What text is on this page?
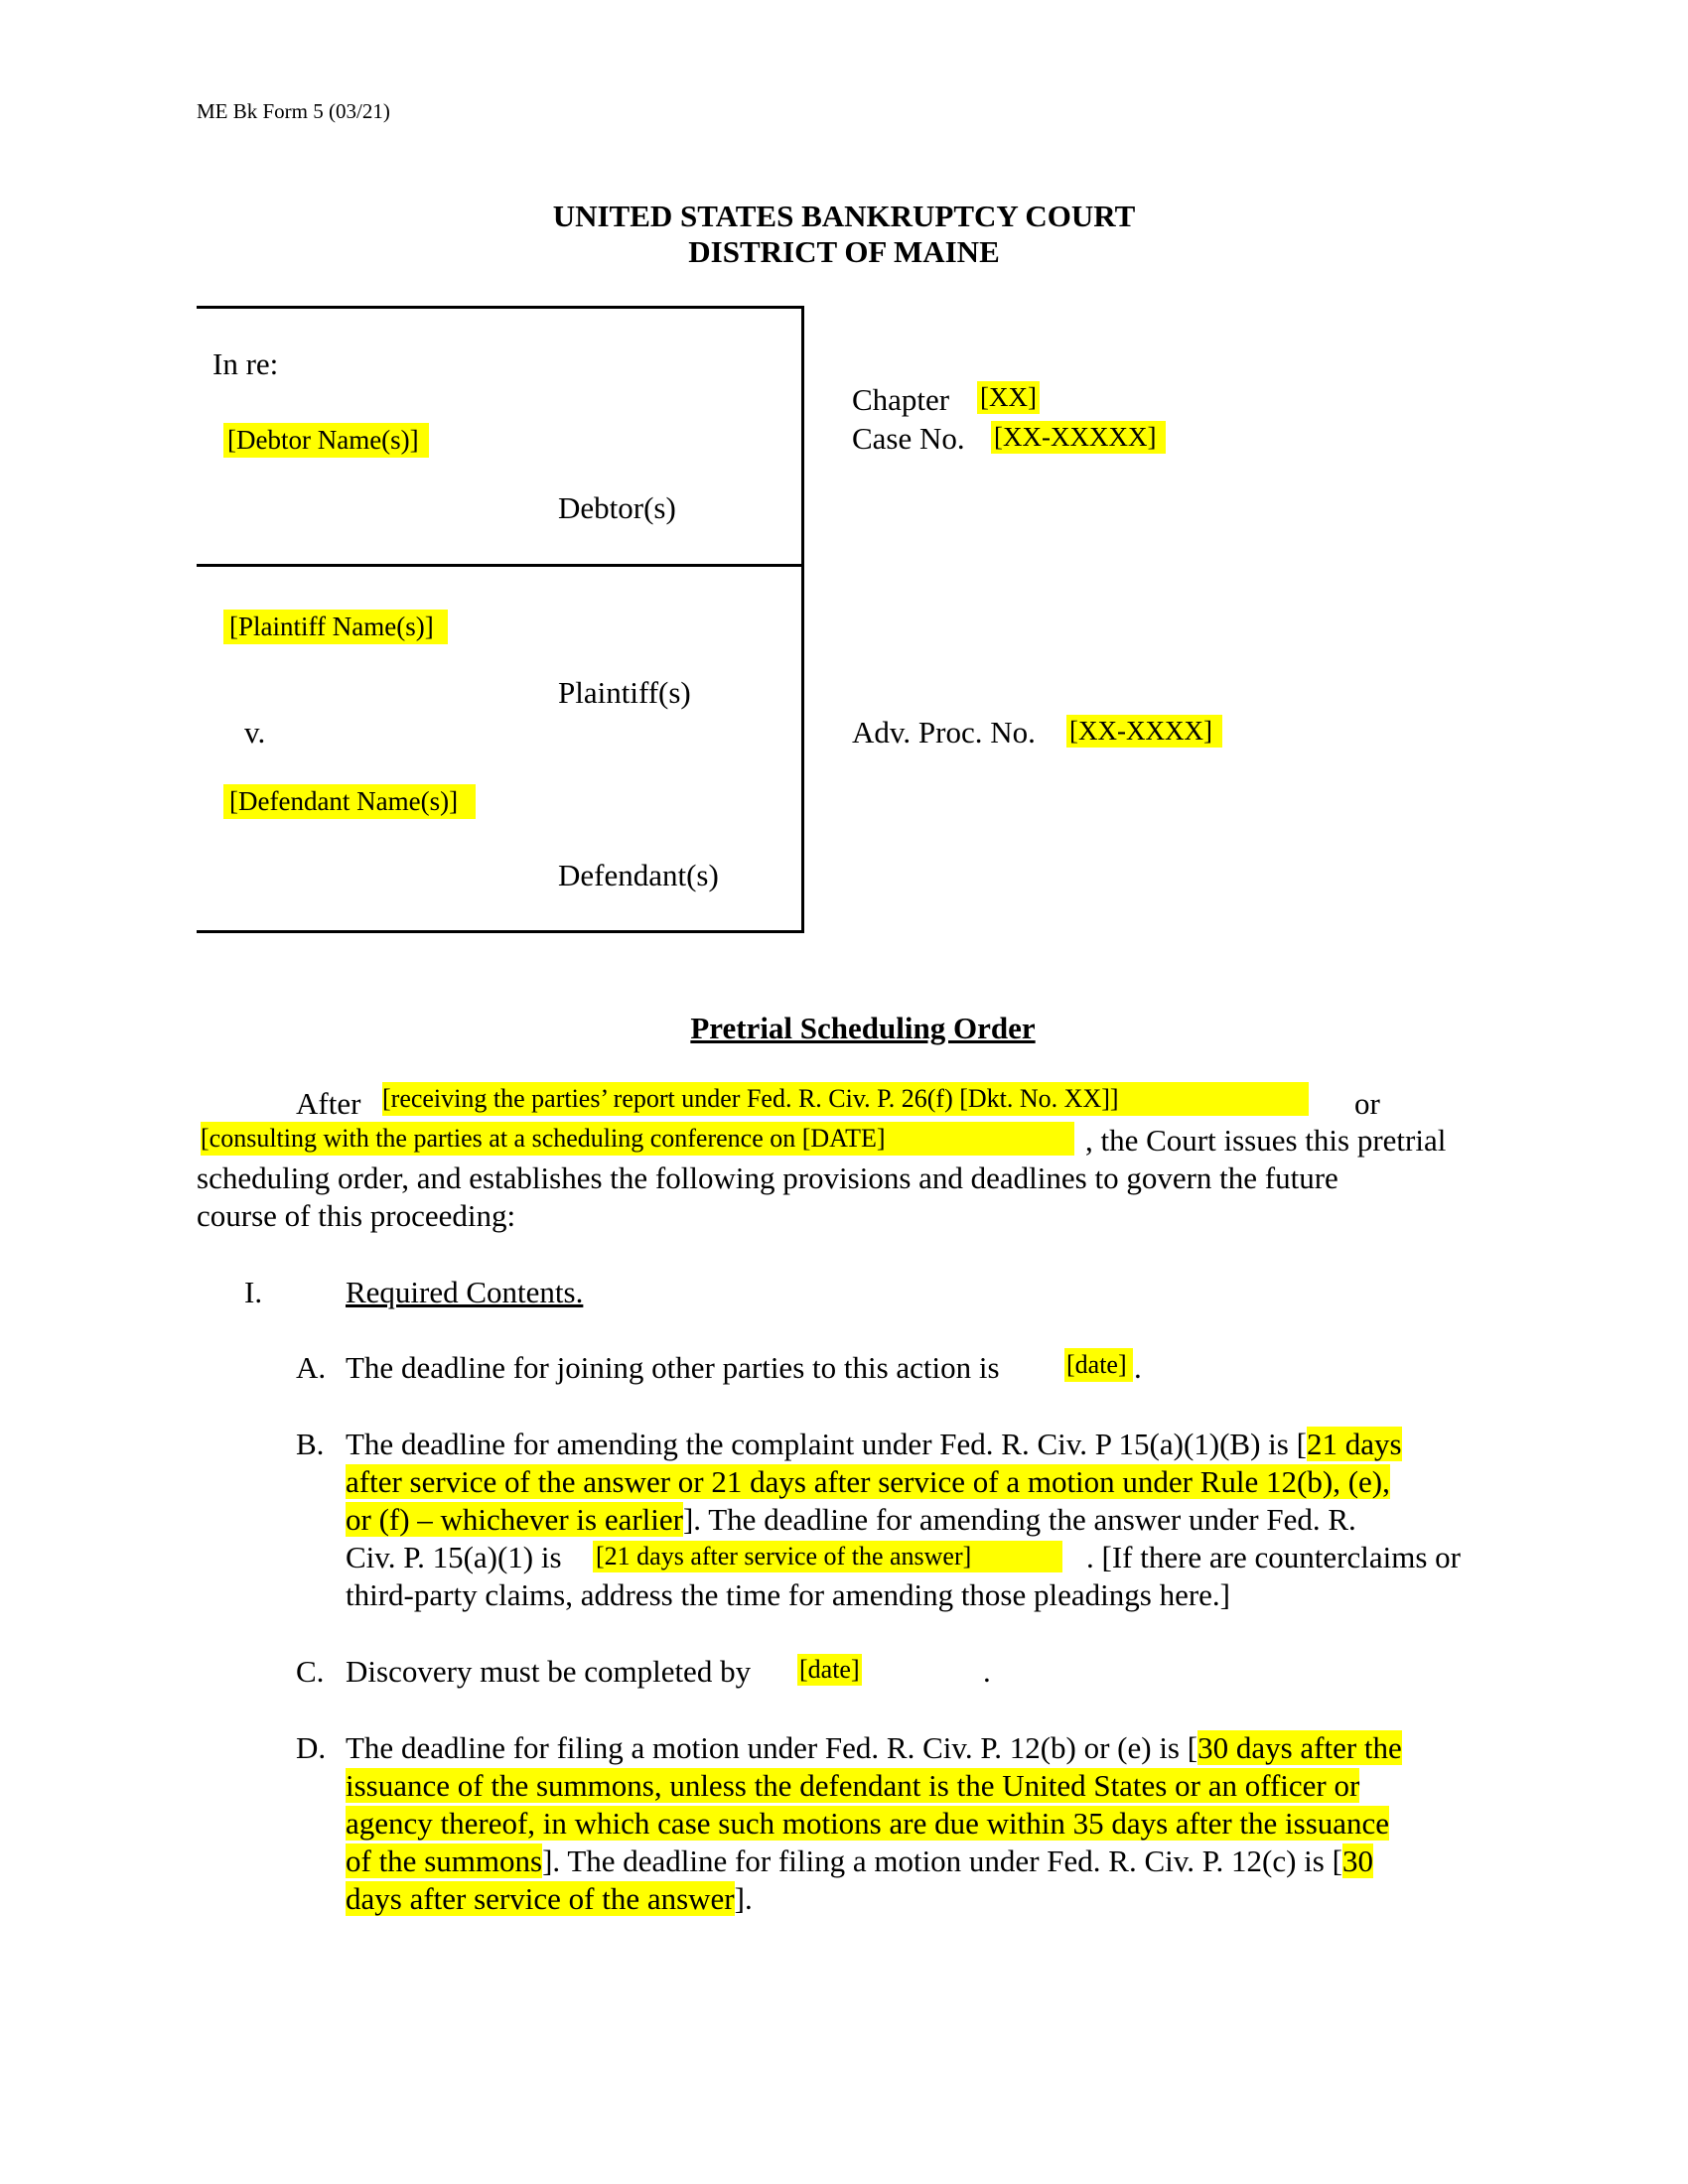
ME Bk Form 5 (03/21)
UNITED STATES BANKRUPTCY COURT
DISTRICT OF MAINE
In re:
[Debtor Name(s)]
Debtor(s)
[Plaintiff Name(s)]
Plaintiff(s)
v.
[Defendant Name(s)]
Defendant(s)
Chapter [XX]
Case No. [XX-XXXXX]
Adv. Proc. No. [XX-XXXX]
Pretrial Scheduling Order
After [receiving the parties’ report under Fed. R. Civ. P. 26(f) [Dkt. No. XX]]	or
[consulting with the parties at a scheduling conference on [DATE]	, the Court issues this pretrial
scheduling order, and establishes the following provisions and deadlines to govern the future
course of this proceeding:
I.	Required Contents.
A. The deadline for joining other parties to this action is	[date] .
B. The deadline for amending the complaint under Fed. R. Civ. P 15(a)(1)(B) is [21 days
after service of the answer or 21 days after service of a motion under Rule 12(b), (e),
or (f) – whichever is earlier]. The deadline for amending the answer under Fed. R.
Civ. P. 15(a)(1) is [21 days after service of the answer]	. [If there are counterclaims or
third-party claims, address the time for amending those pleadings here.]
C. Discovery must be completed by [date]	.
D. The deadline for filing a motion under Fed. R. Civ. P. 12(b) or (e) is [30 days after the
issuance of the summons, unless the defendant is the United States or an officer or
agency thereof, in which case such motions are due within 35 days after the issuance
of the summons]. The deadline for filing a motion under Fed. R. Civ. P. 12(c) is [30
days after service of the answer].
